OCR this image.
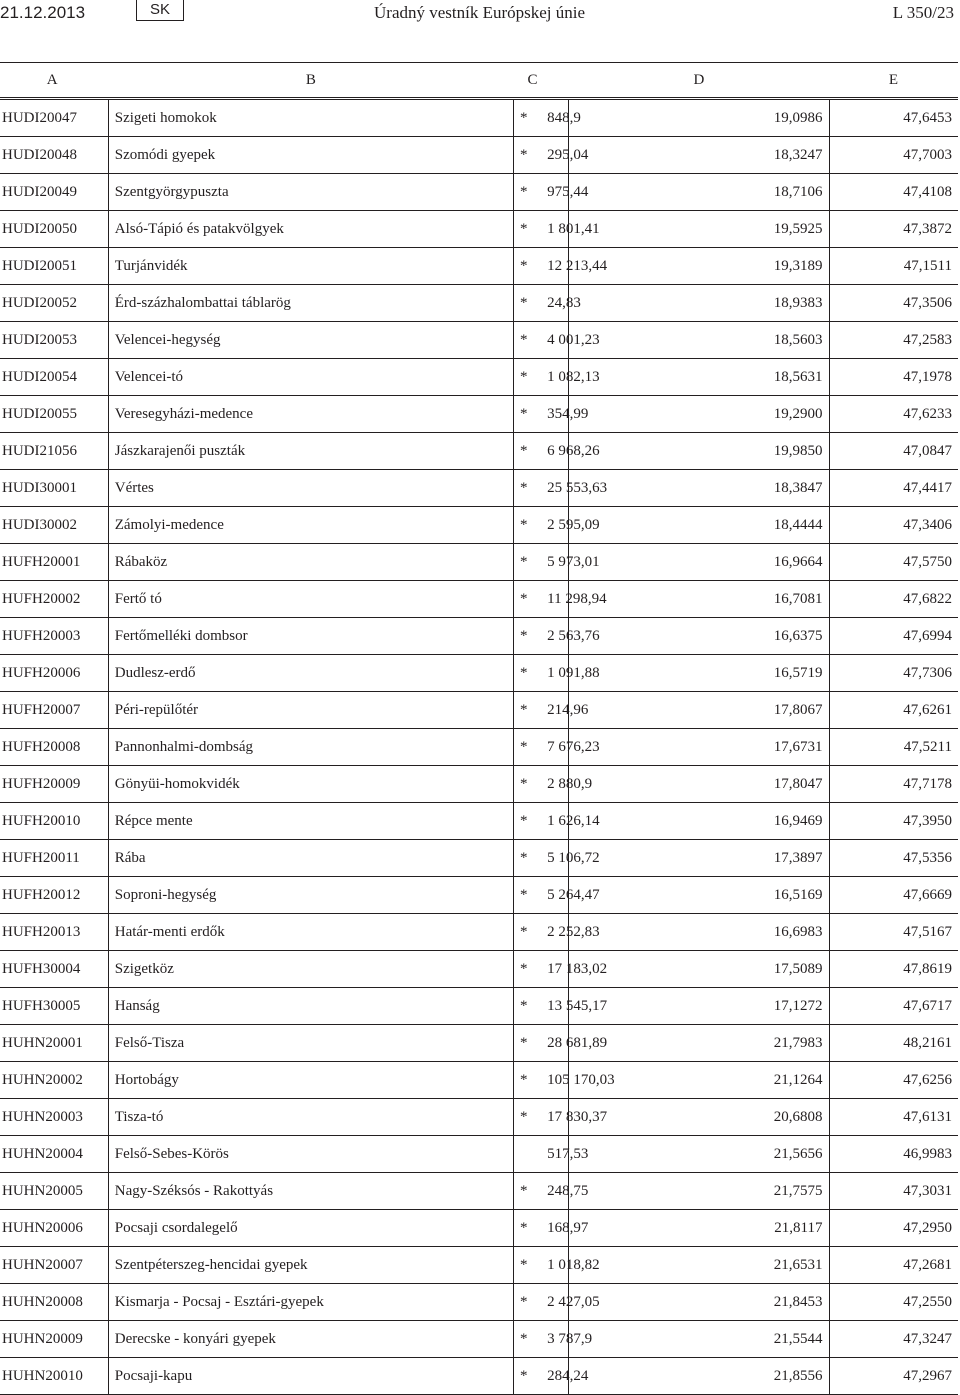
21.12.2013	SK	Úradný vestník Európskej únie	L 350/23
A	B	C		D	E
HUDI20047	Szigeti homokok	*	848,9	19,0986	47,6453
HUDI20048	Szomódi gyepek	*	295,04	18,3247	47,7003
HUDI20049	Szentgyörgypuszta	*	975,44	18,7106	47,4108
HUDI20050	Alsó-Tápió és patakvölgyek	*	1 801,41	19,5925	47,3872
HUDI20051	Turjánvidék	*	12 213,44	19,3189	47,1511
HUDI20052	Érd-százhalombattai táblarög	*	24,83	18,9383	47,3506
HUDI20053	Velencei-hegység	*	4 001,23	18,5603	47,2583
HUDI20054	Velencei-tó	*	1 082,13	18,5631	47,1978
HUDI20055	Veresegyházi-medence	*	354,99	19,2900	47,6233
HUDI21056	Jászkarajenői puszták	*	6 968,26	19,9850	47,0847
HUDI30001	Vértes	*	25 553,63	18,3847	47,4417
HUDI30002	Zámolyi-medence	*	2 595,09	18,4444	47,3406
HUFH20001	Rábaköz	*	5 973,01	16,9664	47,5750
HUFH20002	Fertő tó	*	11 298,94	16,7081	47,6822
HUFH20003	Fertőmelléki dombsor	*	2 563,76	16,6375	47,6994
HUFH20006	Dudlesz-erdő	*	1 091,88	16,5719	47,7306
HUFH20007	Péri-repülőtér	*	214,96	17,8067	47,6261
HUFH20008	Pannonhalmi-dombság	*	7 676,23	17,6731	47,5211
HUFH20009	Gönyüi-homokvidék	*	2 880,9	17,8047	47,7178
HUFH20010	Répce mente	*	1 626,14	16,9469	47,3950
HUFH20011	Rába	*	5 106,72	17,3897	47,5356
HUFH20012	Soproni-hegység	*	5 264,47	16,5169	47,6669
HUFH20013	Határ-menti erdők	*	2 252,83	16,6983	47,5167
HUFH30004	Szigetköz	*	17 183,02	17,5089	47,8619
HUFH30005	Hanság	*	13 545,17	17,1272	47,6717
HUHN20001	Felső-Tisza	*	28 681,89	21,7983	48,2161
HUHN20002	Hortobágy	*	105 170,03	21,1264	47,6256
HUHN20003	Tisza-tó	*	17 830,37	20,6808	47,6131
HUHN20004	Felső-Sebes-Körös		517,53	21,5656	46,9983
HUHN20005	Nagy-Széksós - Rakottyás	*	248,75	21,7575	47,3031
HUHN20006	Pocsaji csordalegelő	*	168,97	21,8117	47,2950
HUHN20007	Szentpéterszeg-hencidai gyepek	*	1 018,82	21,6531	47,2681
HUHN20008	Kismarja - Pocsaj - Esztári-gyepek	*	2 427,05	21,8453	47,2550
HUHN20009	Derecske - konyári gyepek	*	3 787,9	21,5544	47,3247
HUHN20010	Pocsaji-kapu	*	284,24	21,8556	47,2967
